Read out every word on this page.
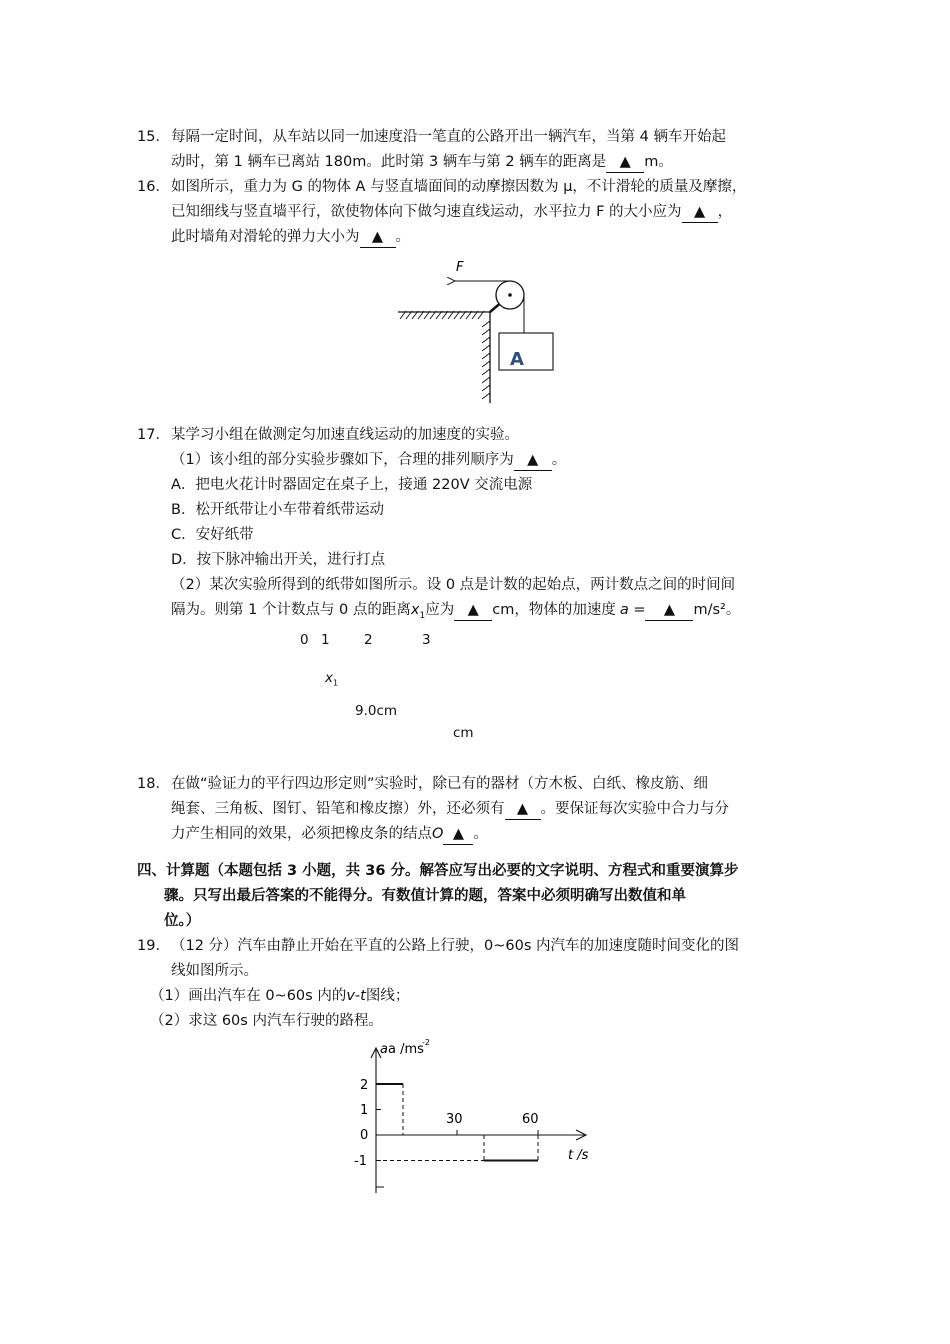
15．每隔一定时间，从车站以同一加速度沿一笔直的公路开出一辆汽车，当第 4 辆车开始起
动时，第 1 辆车已离站 180m。此时第 3 辆车与第 2 辆车的距离是 ▲ m。
16．如图所示，重力为 G 的物体 A 与竖直墙面间的动摩擦因数为 μ，不计滑轮的质量及摩擦，
已知细线与竖直墙平行，欲使物体向下做匀速直线运动，水平拉力 F 的大小应为 ▲ ，
此时墙角对滑轮的弹力大小为 ▲ 。
F
A
17．某学习小组在做测定匀加速直线运动的加速度的实验。
（1）该小组的部分实验步骤如下，合理的排列顺序为 ▲ 。
A．把电火花计时器固定在桌子上，接通 220V 交流电源
B．松开纸带让小车带着纸带运动
C．安好纸带
D．按下脉冲输出开关，进行打点
（2）某次实验所得到的纸带如图所示。设 0 点是计数的起始点，两计数点之间的时间间
隔为。则第 1 个计数点与 0 点的距离$x_1$应为 ▲ cm，物体的加速度 a = ▲ m/s²。
0 1	2	3
$x_1$
9.0cm
cm
18．在做“验证力的平行四边形定则”实验时，除已有的器材（方木板、白纸、橡皮筋、细
绳套、三角板、图钉、铅笔和橡皮擦）外，还必须有 ▲ 。要保证每次实验中合力与分
力产生相同的效果，必须把橡皮条的结点O ▲ 。
四、计算题（本题包括 3 小题，共 36 分。解答应写出必要的文字说明、方程式和重要演算步
骤。只写出最后答案的不能得分。有数值计算的题，答案中必须明确写出数值和单
位。）
19．（12 分）汽车由静止开始在平直的公路上行驶，0~60s 内汽车的加速度随时间变化的图
线如图所示。
（1）画出汽车在 0~60s 内的v-t图线；
（2）求这 60s 内汽车行驶的路程。
aa /ms
-2
t /s
2
1
0
-1
30	60
